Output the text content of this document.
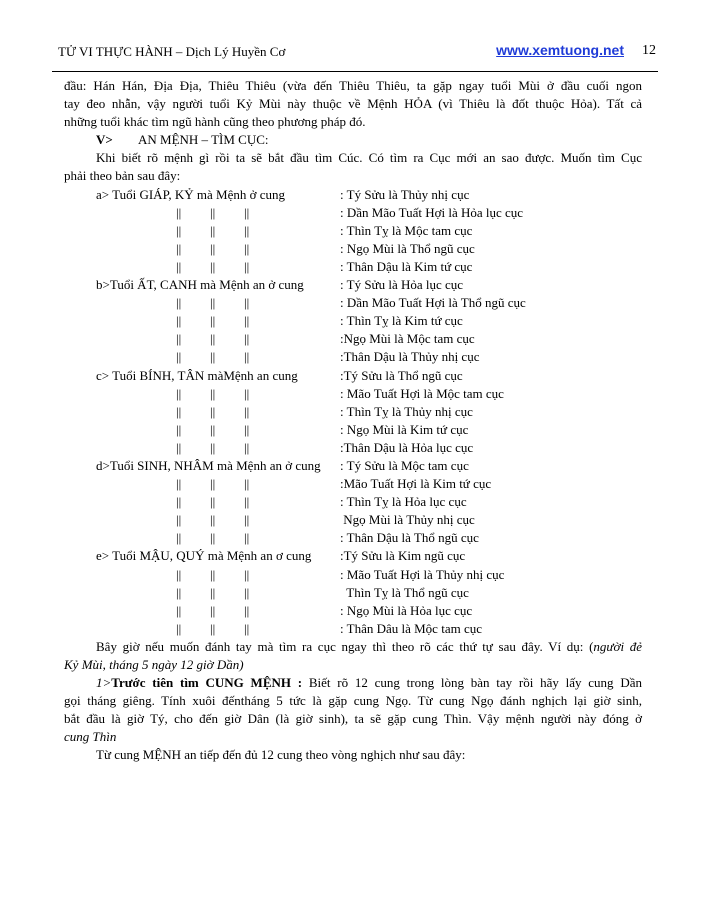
TỬ VI THỰC HÀNH – Dịch Lý Huyền Cơ	www.xemtuong.net 12
đầu: Hán Hán, Địa Địa, Thiêu Thiêu (vừa đến Thiêu Thiêu, ta gặp ngay tuổi Mùi ở đầu cuối ngon
tay đeo nhẫn, vậy người tuổi Kỷ Mùi này thuộc về Mệnh HỎA (vì Thiêu là đốt thuộc Hỏa). Tất cả
những tuổi khác tìm ngũ hành cũng theo phương pháp đó.
V> AN MỆNH – TÌM CỤC:
Khi biết rõ mệnh gì rồi ta sẽ bắt đầu tìm Cúc. Có tìm ra Cục mới an sao được. Muốn tìm Cục
phải theo bản sau đây:
a> Tuổi GIÁP, KỶ mà Mệnh ở cung	: Tý Sửu là Thủy nhị cục
|| || ||	: Dần Mão Tuất Hợi là Hỏa lục cục
|| || ||	: Thìn Tỵ là Mộc tam cục
|| || ||	: Ngọ Mùi là Thổ ngũ cục
|| || ||	: Thân Dậu là Kim tứ cục
b>Tuổi ẤT, CANH mà Mệnh an ở cung	: Tý Sửu là Hỏa lục cục
|| || ||	: Dần Mão Tuất Hợi là Thổ ngũ cục
|| || ||	: Thìn Tỵ là Kim tứ cục
|| || ||	:Ngọ Mùi là Mộc tam cục
|| || ||	:Thân Dậu là Thủy nhị cục
c> Tuổi BÍNH, TÂN màMệnh an cung	:Tý Sửu là Thổ ngũ cục
|| || ||	: Mão Tuất Hợi là Mộc tam cục
|| || ||	: Thìn Tỵ là Thủy nhị cục
|| || ||	: Ngọ Mùi là Kim tứ cục
|| || ||	:Thân Dậu là Hỏa lục cục
d>Tuổi SINH, NHÂM mà Mệnh an ở cung : Tý Sửu là Mộc tam cục
|| || ||	:Mão Tuất Hợi là Kim tứ cục
|| || ||	: Thìn Tỵ là Hỏa lục cục
|| || ||	Ngọ Mùi là Thủy nhị cục
|| || ||	: Thân Dậu là Thổ ngũ cục
e> Tuổi MẬU, QUÝ mà Mệnh an ơ cung :Tý Sửu là Kim ngũ cục
|| || ||	: Mão Tuất Hợi là Thủy nhị cục
|| || ||	Thìn Tỵ là Thổ ngũ cục
|| || ||	: Ngọ Mùi là Hỏa lục cục
|| || ||	: Thân Dâu là Mộc tam cục
Bây giờ nếu muốn đánh tay mà tìm ra cục ngay thì theo rõ các thứ tự sau đây. Ví dụ: (người đẻ
Kỷ Mùi, tháng 5 ngày 12 giờ Dần)
1>Trước tiên tìm CUNG MỆNH : Biết rõ 12 cung trong lòng bàn tay rồi hãy lấy cung Dần
gọi tháng giêng. Tính xuôi đếntháng 5 tức là gặp cung Ngọ. Từ cung Ngọ đánh nghịch lại giờ sinh,
bắt đầu là giờ Tý, cho đến giờ Dân (là giờ sinh), ta sẽ gặp cung Thìn. Vậy mệnh người này đóng ở
cung Thìn
Từ cung MỆNH an tiếp đến đủ 12 cung theo vòng nghịch như sau đây:
